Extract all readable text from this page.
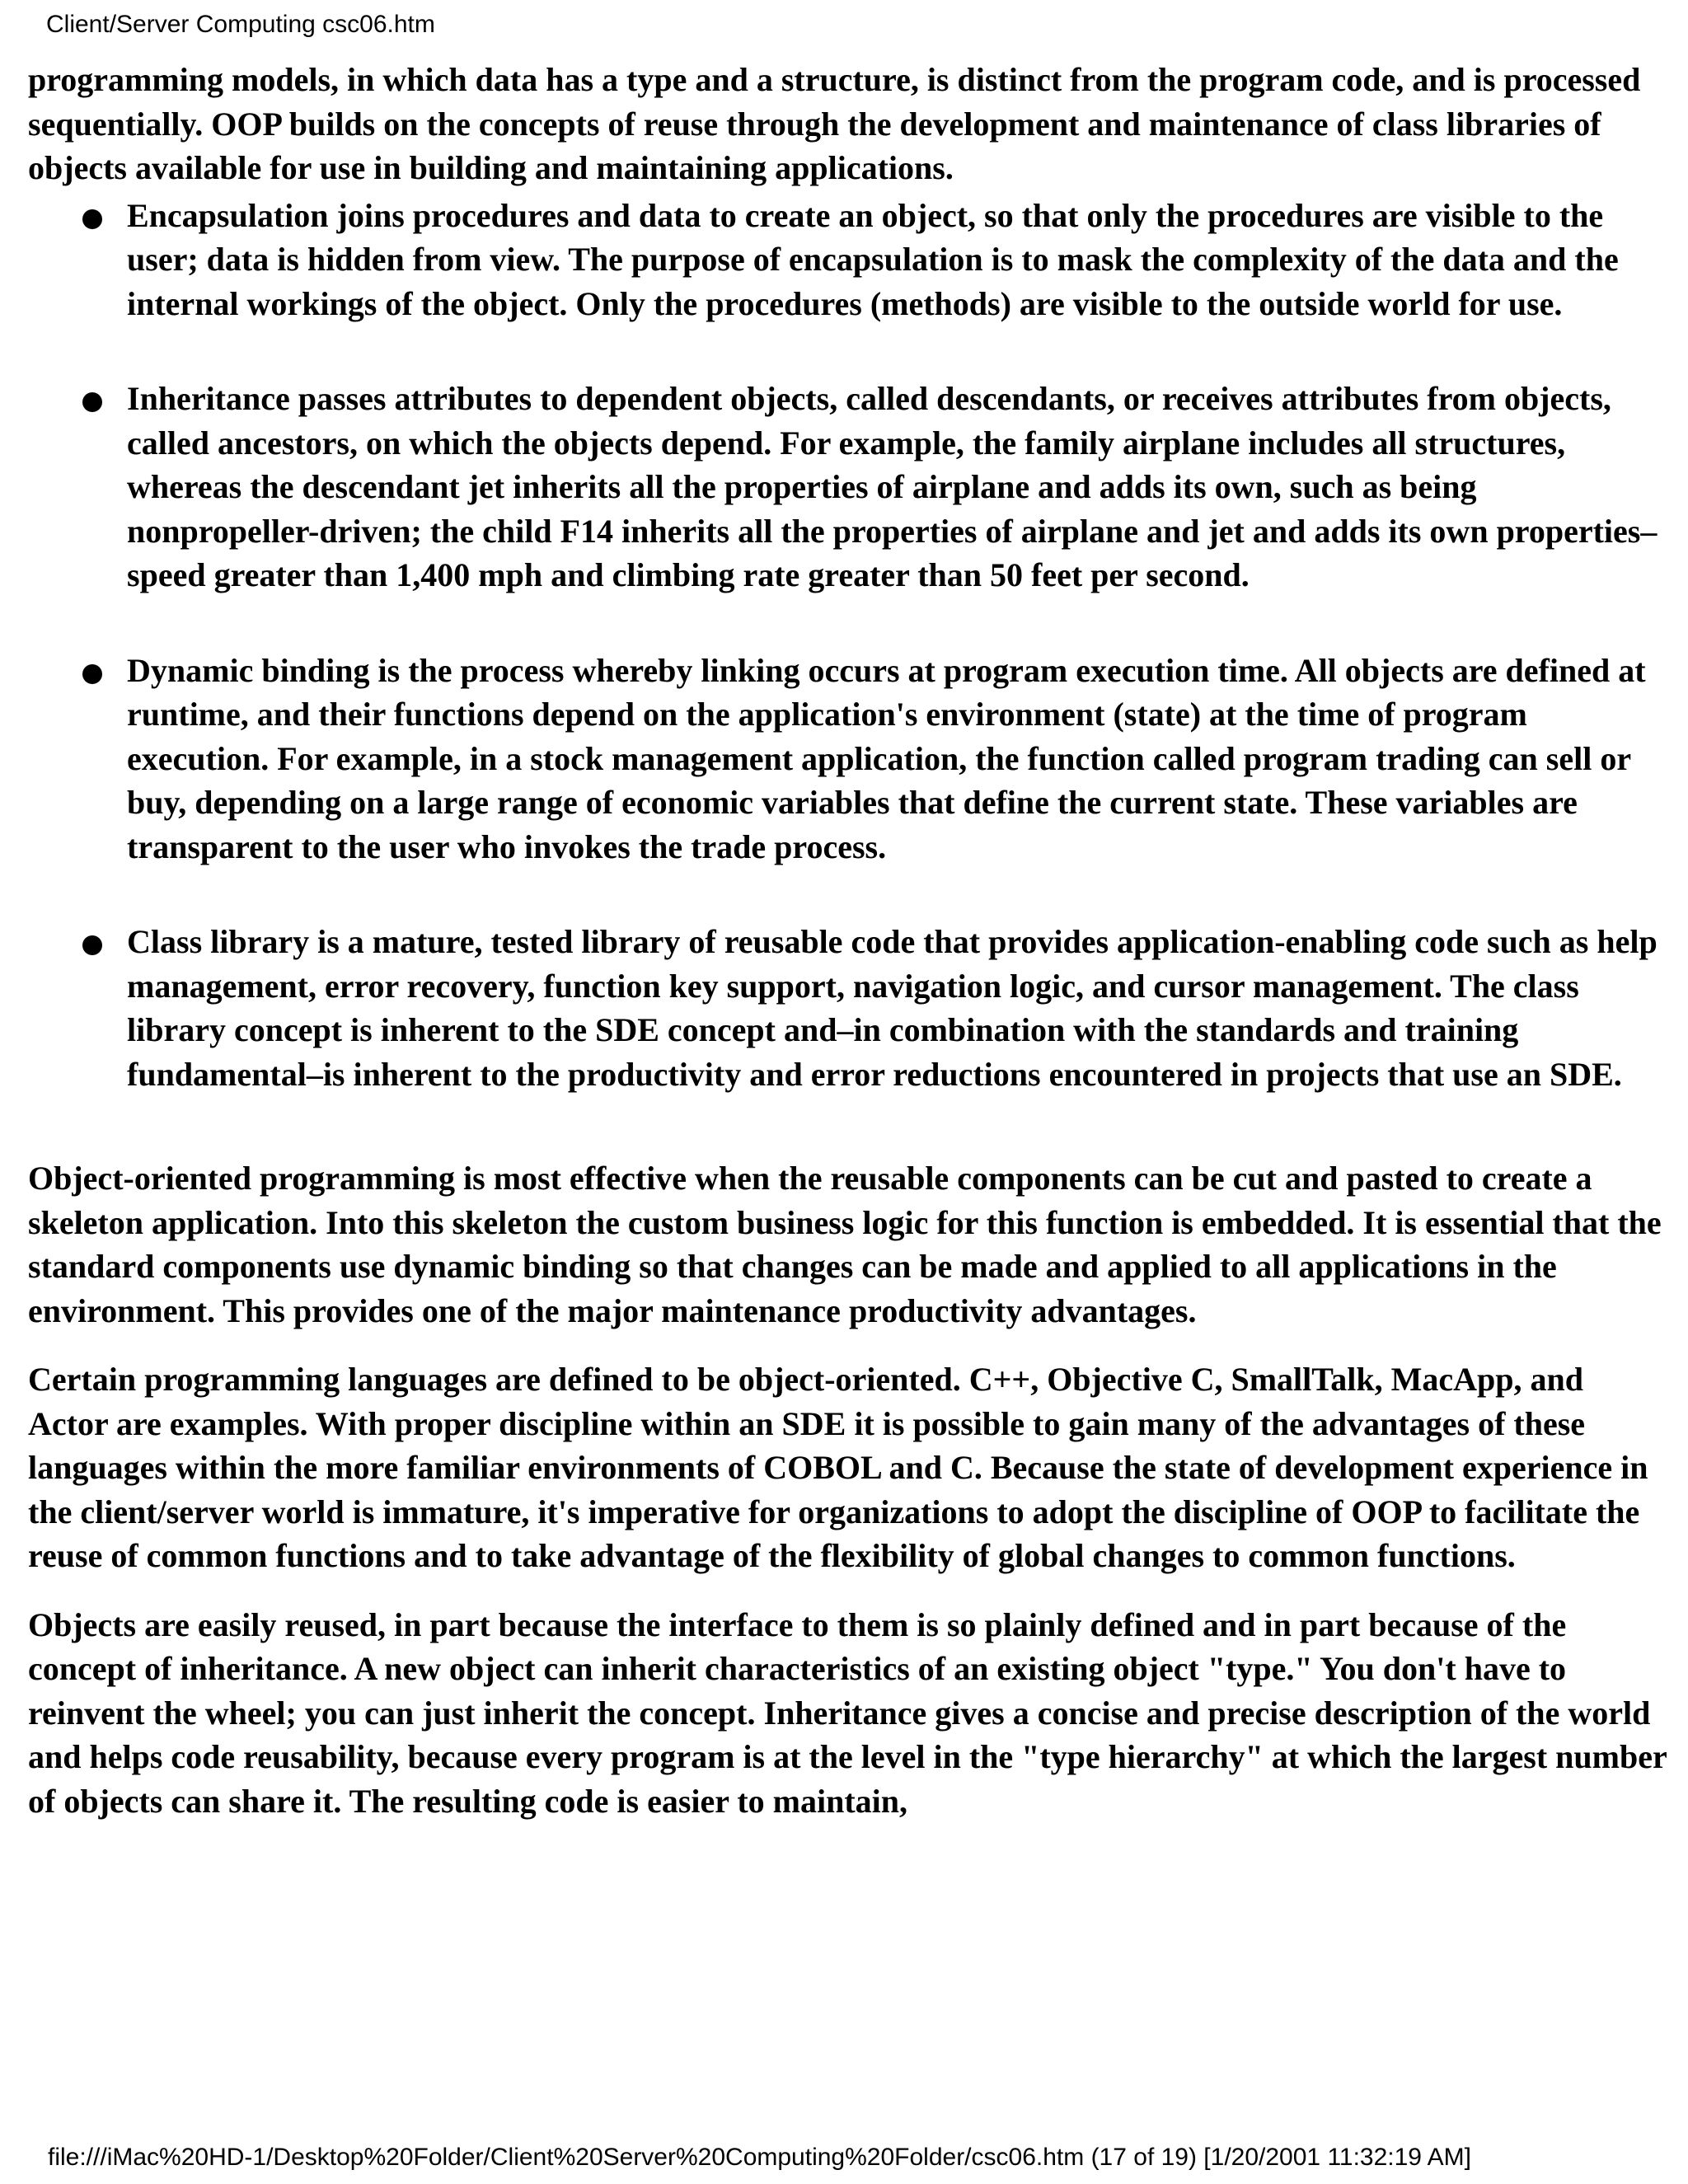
Client/Server Computing csc06.htm

programming models, in which data has a type and a structure, is distinct from the program code, and is processed sequentially. OOP builds on the concepts of reuse through the development and maintenance of class libraries of objects available for use in building and maintaining applications.

Encapsulation joins procedures and data to create an object, so that only the procedures are visible to the user; data is hidden from view. The purpose of encapsulation is to mask the complexity of the data and the internal workings of the object. Only the procedures (methods) are visible to the outside world for use.
Inheritance passes attributes to dependent objects, called descendants, or receives attributes from objects, called ancestors, on which the objects depend. For example, the family airplane includes all structures, whereas the descendant jet inherits all the properties of airplane and adds its own, such as being nonpropeller-driven; the child F14 inherits all the properties of airplane and jet and adds its own properties–speed greater than 1,400 mph and climbing rate greater than 50 feet per second.
Dynamic binding is the process whereby linking occurs at program execution time. All objects are defined at runtime, and their functions depend on the application's environment (state) at the time of program execution. For example, in a stock management application, the function called program trading can sell or buy, depending on a large range of economic variables that define the current state. These variables are transparent to the user who invokes the trade process.
Class library is a mature, tested library of reusable code that provides application-enabling code such as help management, error recovery, function key support, navigation logic, and cursor management. The class library concept is inherent to the SDE concept and–in combination with the standards and training fundamental–is inherent to the productivity and error reductions encountered in projects that use an SDE.

Object-oriented programming is most effective when the reusable components can be cut and pasted to create a skeleton application. Into this skeleton the custom business logic for this function is embedded. It is essential that the standard components use dynamic binding so that changes can be made and applied to all applications in the environment. This provides one of the major maintenance productivity advantages.

Certain programming languages are defined to be object-oriented. C++, Objective C, SmallTalk, MacApp, and Actor are examples. With proper discipline within an SDE it is possible to gain many of the advantages of these languages within the more familiar environments of COBOL and C. Because the state of development experience in the client/server world is immature, it's imperative for organizations to adopt the discipline of OOP to facilitate the reuse of common functions and to take advantage of the flexibility of global changes to common functions.

Objects are easily reused, in part because the interface to them is so plainly defined and in part because of the concept of inheritance. A new object can inherit characteristics of an existing object "type." You don't have to reinvent the wheel; you can just inherit the concept. Inheritance gives a concise and precise description of the world and helps code reusability, because every program is at the level in the "type hierarchy" at which the largest number of objects can share it. The resulting code is easier to maintain,

file:///iMac%20HD-1/Desktop%20Folder/Client%20Server%20Computing%20Folder/csc06.htm (17 of 19) [1/20/2001 11:32:19 AM]
